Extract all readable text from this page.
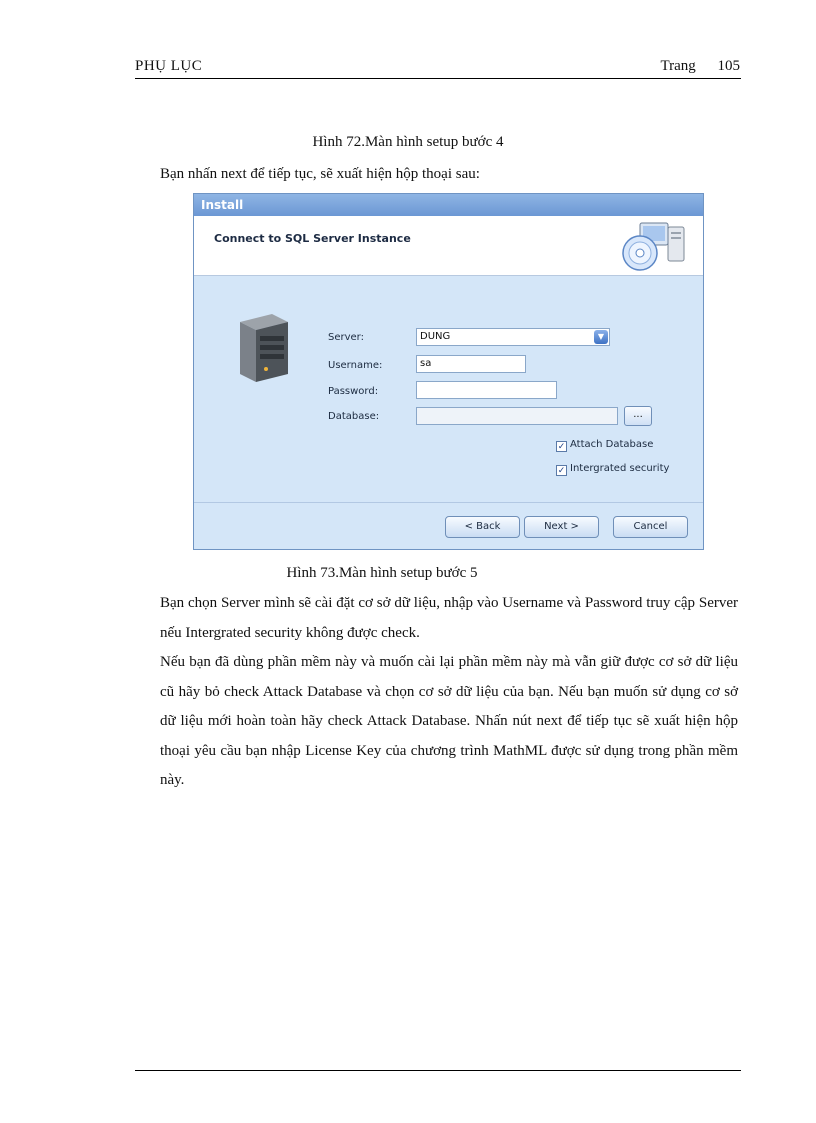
PHỤ LỤC	Trang 105
Hình 72.Màn hình setup bước 4
Bạn nhấn next để tiếp tục, sẽ xuất hiện hộp thoại sau:
Install
Connect to SQL Server Instance
Server:	DUNG	▼
Username:	sa
Password:
Database:	...
✓ Attach Database
✓ Intergrated security
< Back	Next >	Cancel
Hình 73.Màn hình setup bước 5
Bạn chọn Server mình sẽ cài đặt cơ sở dữ liệu, nhập vào Username và Password truy cập Server nếu Intergrated security không được check.
Nếu bạn đã dùng phần mềm này và muốn cài lại phần mềm này mà vẫn giữ được cơ sở dữ liệu cũ hãy bỏ check Attack Database và chọn cơ sở dữ liệu của bạn. Nếu bạn muốn sử dụng cơ sở dữ liệu mới hoàn toàn hãy check Attack Database. Nhấn nút next để tiếp tục sẽ xuất hiện hộp thoại yêu cầu bạn nhập License Key của chương trình MathML được sử dụng trong phần mềm này.
